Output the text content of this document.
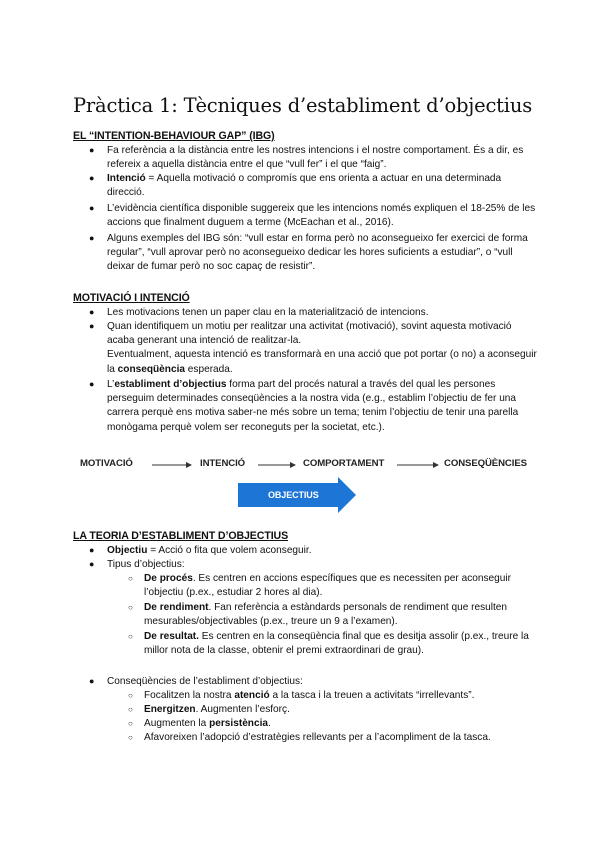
Pràctica 1: Tècniques d’establiment d’objectius
EL “INTENTION-BEHAVIOUR GAP” (IBG)
● Fa referència a la distància entre les nostres intencions i el nostre comportament. És a dir, es refereix a aquella distància entre el que “vull fer” i el que “faig”.

● Intenció = Aquella motivació o compromís que ens orienta a actuar en una determinada direcció.

● L’evidència científica disponible suggereix que les intencions només expliquen el 18-25% de les accions que finalment duguem a terme (McEachan et al., 2016).

● Alguns exemples del IBG són: “vull estar en forma però no aconsegueixo fer exercici de forma regular”, “vull aprovar però no aconsegueixo dedicar les hores suficients a estudiar”, o “vull deixar de fumar però no soc capaç de resistir”.

MOTIVACIÓ I INTENCIÓ
● Les motivacions tenen un paper clau en la materialització de intencions.

● Quan identifiquem un motiu per realitzar una activitat (motivació), sovint aquesta motivació acaba generant una intenció de realitzar-la.
Eventualment, aquesta intenció es transformarà en una acció que pot portar (o no) a aconseguir la conseqüència esperada.

● L’establiment d’objectius forma part del procés natural a través del qual les persones perseguim determinades conseqüències a la nostra vida (e.g., establim l’objectiu de fer una carrera perquè ens motiva saber-ne més sobre un tema; tenim l’objectiu de tenir una parella monògama perquè volem ser reconeguts per la societat, etc.).

MOTIVACIÓ	INTENCIÓ	COMPORTAMENT	CONSEQÜÈNCIES
OBJECTIUS
LA TEORIA D’ESTABLIMENT D’OBJECTIUS
● Objectiu = Acció o fita que volem aconseguir.

● Tipus d’objectius:

○ De procés. Es centren en accions específiques que es necessiten per aconseguir l’objectiu (p.ex., estudiar 2 hores al dia).

○ De rendiment. Fan referència a estàndards personals de rendiment que resulten mesurables/objectivables (p.ex., treure un 9 a l’examen).

○ De resultat. Es centren en la conseqüència final que es desitja assolir (p.ex., treure la millor nota de la classe, obtenir el premi extraordinari de grau).

● Conseqüències de l’establiment d’objectius:

○ Focalitzen la nostra atenció a la tasca i la treuen a activitats “irrellevants”.

○ Energitzen. Augmenten l’esforç.

○ Augmenten la persistència.

○ Afavoreixen l’adopció d’estratègies rellevants per a l’acompliment de la tasca.
